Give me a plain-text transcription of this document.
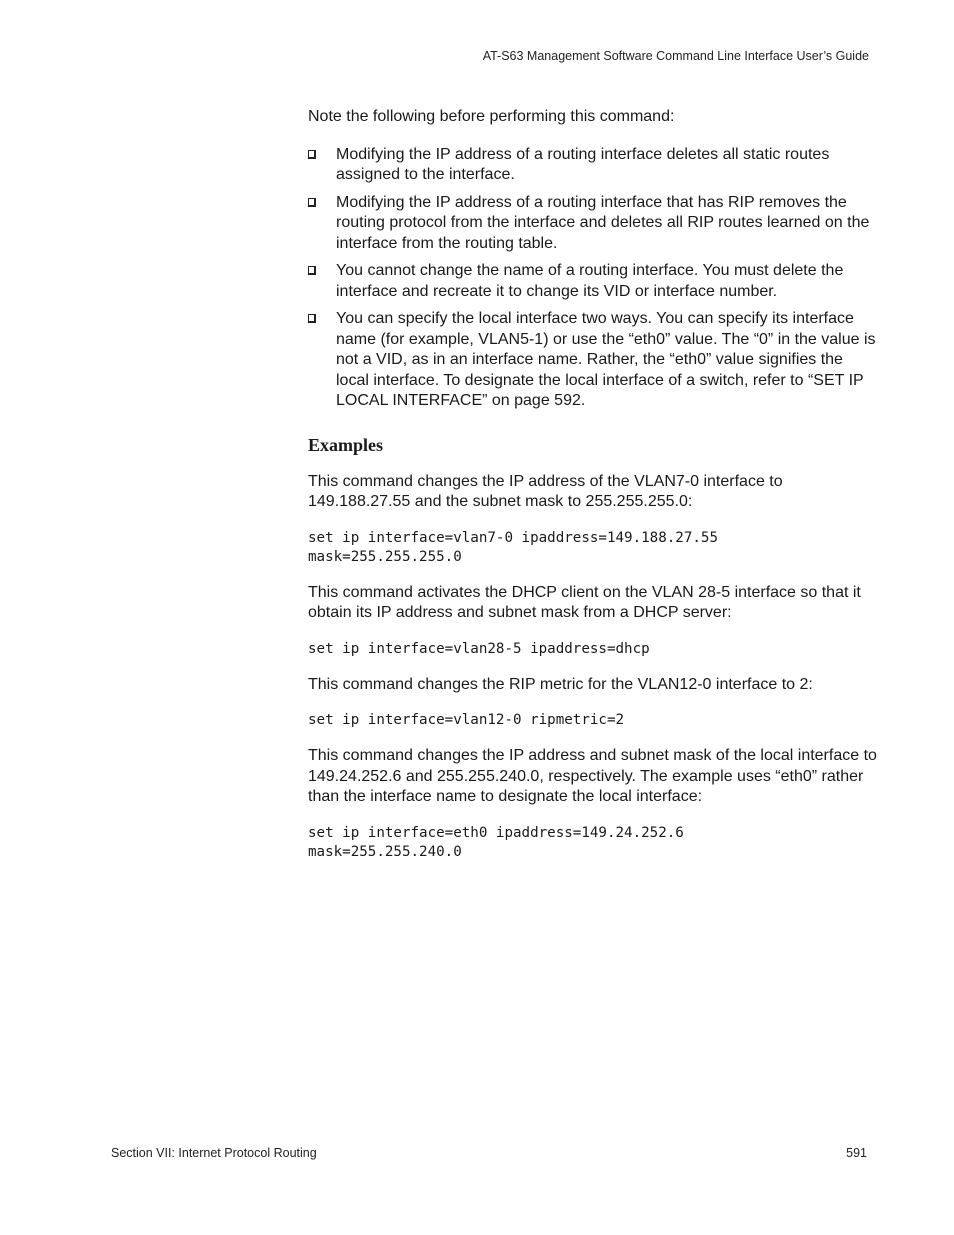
AT-S63 Management Software Command Line Interface User’s Guide

Note the following before performing this command:

Modifying the IP address of a routing interface deletes all static routes assigned to the interface.
Modifying the IP address of a routing interface that has RIP removes the routing protocol from the interface and deletes all RIP routes learned on the interface from the routing table.
You cannot change the name of a routing interface. You must delete the interface and recreate it to change its VID or interface number.
You can specify the local interface two ways. You can specify its interface name (for example, VLAN5-1) or use the “eth0” value. The “0” in the value is not a VID, as in an interface name. Rather, the “eth0” value signifies the local interface. To designate the local interface of a switch, refer to “SET IP LOCAL INTERFACE” on page 592.
Examples

This command changes the IP address of the VLAN7-0 interface to 149.188.27.55 and the subnet mask to 255.255.255.0:

set ip interface=vlan7-0 ipaddress=149.188.27.55
mask=255.255.255.0

This command activates the DHCP client on the VLAN 28-5 interface so that it obtain its IP address and subnet mask from a DHCP server:

set ip interface=vlan28-5 ipaddress=dhcp

This command changes the RIP metric for the VLAN12-0 interface to 2:

set ip interface=vlan12-0 ripmetric=2

This command changes the IP address and subnet mask of the local interface to 149.24.252.6 and 255.255.240.0, respectively. The example uses “eth0” rather than the interface name to designate the local interface:

set ip interface=eth0 ipaddress=149.24.252.6
mask=255.255.240.0
Section VII: Internet Protocol Routing	591
